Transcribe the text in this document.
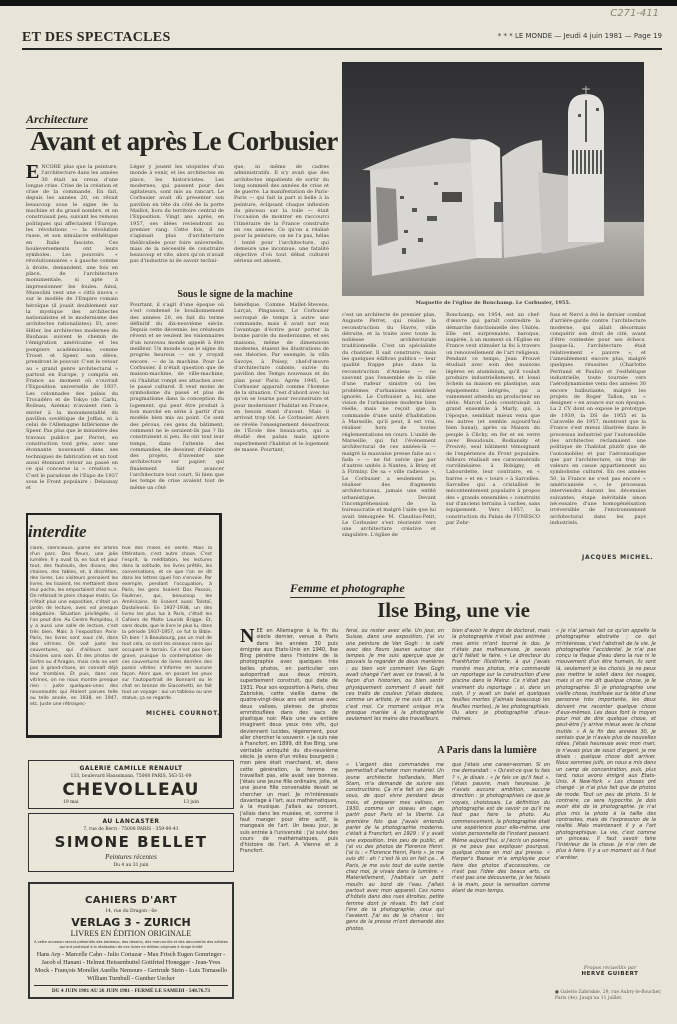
C271-411
ET DES SPECTACLES	* * * LE MONDE — Jeudi 4 juin 1981 — Page 19
Architecture
Avant et après Le Corbusier
ENCORE plus que la peinture, l'architecture dans les années 30 était au creux d'une longue crise. Crise de la création et crise de la commande. En fait, depuis les années 20, on rêvait beaucoup sous le signe de la machine et du grand nombre, et on construisait peu, suivant les remous politiques qui affectaient l'Europe, les révolutions — la révolution russe, et son simulacre esthétique en Italie fasciste. Ces bouleversements ont leurs symboles. Les pouvoirs « révolutionnaires » à gauche comme à droite, demandent, une fois en place, de l'architecture monumentale, si apte à impressionner les foules. Ainsi, Mussolini veut une « città nuova » sur le modèle de l'Empire romain héroïque (il jouait doublement sur la mystique des architectes nationalistes et le modernisme des architectes rationalistes). Et, avec Hitler, les architectes modernes du Bauhaus suivent le chemin de l'émigration américaine et les pompiers académiciens, comme Troost et Speer, son élève, prendront le pouvoir. C'est le retour au « grand genre architectural » partout en Europe, y compris en France au moment où s'ouvrait l'Exposition universelle de 1937. Les colonnades des palais du Trocadéro et de Tokyo (de Carlu, Boileau, Azéma) n'avaient rien à envier à la monumentalité du pavillon soviétique de Joffan, ni à celui de l'Allemagne hitlérienne de Speer. Pas plus que le ministère des travaux publics par Perret, en construction tout près, avec une étonnante nouveauté dans ses techniques de fabrication et un tout aussi étonnant retour au passé en ce qui concerne la « création ». C'est le paradoxe de l'Expo de 1937 sous le Front populaire : Delaunay et
Léger y jouent les utopistes d'un monde à venir, et les architectes en place, les historicistes. Les modernes, qui passent pour des agitateurs, sont mis au rancart. Le Corbusier avait dû présenter son pavillon en tête du côté de la porte Maillot, hors du territoire central de l'Exposition. Vingt ans après, en 1957, ses idées reviendront au premier rang. Cette fois, il ne s'agissait plus d'architecture théâtralisée pour foire universelle, mais de la nécessité de construire beaucoup et vite, alors qu'on n'avait pas d'industrie ni de savoir techni-
que, ni même de cadres administratifs. Il n'y avait que des architectes impatients de sortir du long sommeil des années de crise et de guerre. La manifestation de Paris-Paris — qui fait la part si belle à la peinture, éclipsant chaque inflexion du pinceau sur la toile — était l'occasion de montrer en raccourci l'itinéraire de la France construite en ces années. Ce qu'on a réalisé pour la peinture, on ne l'a pas, hélas ! tenté pour l'architecture, qui demeure une inconnue, une fatalité objective d'où tout débat culturel sérieux est absent.
Sous le signe de la machine
Pourtant, il s'agit d'une époque où s'est condensé le bouillonnement des années 20, en fait du terme définitif du dix-neuvième siècle. Depuis cette décennie, les créateurs rêvent et se veulent les visionnaires d'un nouveau monde appelé à être meilleur. Un monde sous le signe du progrès heureux — on y croyait encore. — de la machine. Pour Le Corbusier, il n'était question que de maison-machine, de ville-machine, où l'habitat rompt ses attaches avec le passé culturel. Il veut moins de symbolisme du passé et plus de pragmatisme dans la conception du logement, qui peut être produit à bon marché en série à partir d'un modèle bien mis au point. Ce sont des pérous, ces gens du bâtiment, comment ne le seraient-ils pas ? Ils construisent si peu. Ils ont tout leur temps, dans l'attente des commandes, de dessiner, d'élaborer des projets, d'inventer une architecture sur papier, qui finalement fait avancer l'architecture tout court. Si bien que les temps de crise avaient tout de même un côté
bénéfique. Comme Mallet-Stevens, Lurçat, Pingusson, Le Corbusier escroqué de temps à autre une commande, mais il avait sur eux l'avantage d'écrire pour porter la bonne parole du modernisme, et ses maisons, même de dimensions modestes, étaient les illustrations de ses théories. Par exemple, la villa Savoye, à Poissy, chef-d'œuvre d'architecture cubiste, suivie du pavillon des Temps nouveaux et du plan pour Paris. Après 1945, Le Corbusier apparaît comme l'homme de la situation. C'est d'abord avec lui qu'on se tourne pour reconstruire et pour moderniser l'habitat en France, en besoin étant d'avant. Mais il arrivait trop tôt. Le Corbusier. Alors se révèle l'enseignement désastreux de l'École des beaux-arts, qui a étudié des palais mais ignore superbement l'habitat et le logement de masse. Pourtant,
Maquette de l'église de Ronchamp. Le Corbusier, 1955.
c'est un architecte de premier plan, Auguste Perret, qui réalise la reconstruction du Havre, ville détruite, et la traite avec toute la noblesse architecturale traditionnelle. C'est un spécialiste du chantier. Il sait construire, mais les quelques édifices publics — leur qualité frappe plus dans la reconstruction d'Amiens — ne sauvent pas l'ensemble de la ville d'une rudeur sinistre où les problèmes d'urbanisme semblent ignorés. Le Corbusier a, lui, une vision de l'urbanisme moderne bien réelle, mais ne reçoit que la commande d'une unité d'habitation à Marseille, qu'il peut, il est vrai, réaliser hors de toutes réglementations en cours. L'unité de Marseille, qui fut l'événement architectural de ces années-là — malgré la mauvaise presse faite au « fada » — ne fut suivie que par d'autres unités à Nantes, à Briey et à Firminy. De sa « ville radieuse », Le Corbusier a seulement pu réaliser des fragments architecturaux, jamais une entité urbanistique. Devant l'incompréhension de la bureaucratie et malgré l'aide que lui avait témoignée M. Claudius-Petit, Le Corbusier s'est réorienté vers une architecture créative et singulière. L'église de
Ronchamp, en 1954, est un chef-d'œuvre qui paraît contredire la démarche fonctionnelle des Unités. Elle est surprenante, baroque, inspirée, à un moment où l'Église en France veut stimuler la foi à travers un renouvellement de l'art religieux. Pendant ce temps, Jean Prouvé étudiait avec soin des maisons légères en aluminium, qu'il voulait produire industriellement, et Ionel Schein sa maison en plastique, aux équipements intégrés, qui a vainement attendu un producteur en série. Marcel Lods construisait un grand ensemble à Marly, qui, à l'époque, semblait mieux venu que les autres (et semble aujourd'hui bien banal), après sa Maison du peuple à Clichy, en fer et en verre (avec Beaudouin, Bodiansky et Prouvé), seul bâtiment témoignant de l'expérience du Front populaire. Ailleurs réalisait ses caravansérails curvilinéaires à Bobigny, et Labourdette, leur contraire, en « barres » et en « tours » à Sarcelles. Sarcelles qui a cristallisé le mécontentement populaire à propos des « grands ensembles » construits sur d'anciens terrains à vaches, sans équipement. Vers 1957, la construction du Palais de l'UNESCO par Zehr-
fuss et Nervi a été le dernier combat d'arrière-garde contre l'architecture moderne, qui allait désormais conquérir son droit de cité, avant d'être contestée pour ses échecs. Jusque-là, l'architecture était relativement « pauvre », et l'ameublement encore plus, malgré quelques réussites (Charlotte Perriand et Paulin) et l'esthétique industrielle, toute tournée vers l'aérodynamisme venu des années 30 encore balbutiante, malgré les projets de Roger Tallon, un « designer » en avance sur son époque. La 2 CV dont on expose le prototype de 1939, la DS de 1955 et la Caravelle de 1957, montrent que la France s'est mieux illustrée dans le processus industriel par l'automobile (les architectes réclamaient une politique de l'habitat plutôt que de l'automobile) et par l'aéronautique que par l'architecture, où trop de valeurs en cause appartiennent au symbolisme culturel. En ces années 50, la France ne s'est pas encore « américanisée », le processus interviendra durant les décennies suivantes, étape inévitable sinon nécessaire d'une homogénéisation irréversible de l'environnement architectural dans les pays industriels.
JACQUES MICHEL.
interdite
claire, silencieuse, pareil les arbres d'un parc. Des fleurs, une jolie lumière. Il y avait là, en tout et pour tout, des fauteuils, des divans, des chaises, des tables, et, à discrétion, des livres. Les visiteurs prenaient les livres, les lisaient, les mettaient dans leur poche, les emportaient chez eux. On refaisait le plein chaque matin. Ce n'était plus une exposition, c'était un jardin de lecture, avec vol presque obligatoire. Situation privilégiée, si l'on peut dire. Au Centre Pompidou, il y a aussi une salle de lecture, c'est très bien. Mais à l'exposition Paris-Paris, les livres sont sous clé, dans des vitrines. On voit juste les couvertures, qui d'ailleurs sont choisies sans soin. Et des photos de Sartre ou d'Aragon, mais cela ne sert pas à grand-chose, on connaît déjà leur trombine. Et puis, dans ces vitrines, on ne nous montre presque rien : juste quelques-unes des nouveautés qui étaient parues telle ou telle année, en 1938, en 1947, etc. Juste une rétrospec-
tive des mises en vente. Mais la littérature, c'est autre chose. C'est l'esprit, la méditation, les lectures dans la solitude, les livres prêtés, les conversations, et ce que l'on se dit dans les lettres (quel l'on s'envoie. Par exemple, pendant l'occupation, à Paris, les gens lisaient Dos Passos, Faulkner, qui, beaucoup les Américains. Ils lisaient aussi Tolstoï, Dostoïevski. En 1937-1938, un des livres les plus lus à Paris, c'était les Cahiers de Malte Laurids Brigge. Et, sans doute, que le livre le plus lu, dans la période 1937-1957, ce fut la Bible. Eh bien ! à Beaubourg, pas un mot de tout cela, ce sont les oiseaux rares qui occupent le terrain. Ce n'est pas bien grave, puisque la contemplation de ces couvertures de livres derrière des parois vitrées n'informe en aucune façon. Alors que, en posant les yeux sur l'autoportrait de Bonnard ou le chat en bronze de Giacometti, on fait tout un voyage : oui un tableau ou une statue, ça se regarde.
MICHEL COURNOT.
GALERIE CAMILLE RENAULT
133, boulevard Haussmann, 75008 PARIS, 563-51-09
CHEVOLLEAU
19 mai	13 juin
AU LANCASTER
7, rue de Berri - 75008 PARIS - 359-90-41
SIMONE BELLET
Peintures récentes
Du 4 au 31 juin
CAHIERS D'ART
14, rue du Dragon - 6e
VERLAG 3 - ZURICH
LIVRES EN ÉDITION ORIGINALE
A cette occasion seront présentés des tableaux, des dessins, des manuscrits et des documents des artistes qui ont participé à la réalisation de ces livres en édition originale à tirage limité
Hans Arp - Marcelle Cahn - Julio Cortazar - Max Frisch Eugen Gomringer - Jacob el Hanani - Helmut Heissenbuttel Gottfried Honegger - Jean-Yves Mock - François Morellet Aurélie Nemours - Gertrude Stein - Luis Tomasello William Turnbull - Gunther Uecker
DU 4 JUIN 1981 AU 26 JUIN 1981 - FERMÉ LE SAMEDI - 548.76.73
Femme et photographe
Ilse Bing, une vie
NÉE en Allemagne à la fin du siècle dernier, venue à Paris dans les années 30 puis émigrée aux Etats-Unis en 1940, Ilse Bing pénètre dans l'histoire de la photographie avec quelques très belles photos, en particulier son autoportrait aux deux miroirs, superbement construit, qui date de 1931. Pour son exposition à Paris, chez Zabriskie, cette vieille dame de quatre-vingt-deux ans est venue avec deux valises, pleines de photos emmitouflées dans des sacs de plastique noir. Mais une vie entière imaginent deux yeux très vifs, qui deviennent lucides, légèrement, pour aller chercher le souvenir. « Je suis née à Francfort, en 1899, dit Ilse Bing, une véritable antiquité du dix-neuvième siècle. Je viens d'un milieu bourgeois ; mon père était marchand, et, dans cette génération, la femme ne travaillait pas, elle avait ses bonnes. J'étais une jeune fille ordinaire, jolie, et une jeune fille convenable devait se chercher un mari. Je m'intéressais davantage à l'art, aux mathématiques, à la musique. J'allais au concert, j'allais dans les musées, et, comme il faut manger pour être actif, la mangeais de l'art. Un beau jour, je suis entrée à l'université : j'ai suivi des cours de mathématiques, puis d'histoire de l'art. A Vienne et à Francfort.
ferai, ou rester avec elle. Un jour, en Suisse, dans une exposition, j'ai vu une peinture de Van Gogh : le café avec des fleurs jaunes autour des lampes. Je me suis aperçue que je pouvais la regarder de deux manières : ou bien voir comment Van Gogh avait changé l'art avec ce travail, à la façon d'un historien, ou bien sentir physiquement comment il avait fait ces traits de couleur. J'étais dedans, comme un artiste, je me suis dit : ça, c'est moi. Ce moment unique m'a presque mariée à la photographie seulement les mains des travailleurs.
bien d'avoir le degré de doctorat, mais la photographie n'était pas estimée ; mes amis m'ont tourné le dos. Je n'étais pas malheureuse, je savais qu'il fallait le faire. « Le directeur du Frankfurter Illustrierte, à qui j'avais montré mes photos, m'a commandé un reportage sur la construction d'une piscine dans le Mainz. Ce n'était pas vraiment du reportage : si, dans un coin, il y avait un balai et quelques feuilles mortes (j'aimais beaucoup les feuilles mortes), je les photographiais. Ou alors je photographie d'eux-mêmes.
« Je n'ai jamais fait ce qu'on appelle la photographie abstraite ; ce qui m'intéresse, c'est l'abstrait de la vie. Je photographie l'accidentel. Je n'ai pas conçu la flaque d'eau dans la rue ni le mouvement d'un être humain, ils sont là, seulement je les choisis. Je ne peux pas mettre le soleil dans les nuages, mais si on me dit quelque chose, je le photographie. Si je photographie une vieille chose, inutilisée sur la tête d'une personne très importante, les deux doivent me raconter quelque chose d'eux-mêmes. Les deux font le moyen pour moi de dire quelque chose, et peut-être j'y arrive mieux avec la chose inutile. « A la fin des années 30, je sentais que je n'avais plus de nouvelles idées. J'étais heureuse avec mon mari, je n'avais plus de souci d'argent, je me disais : quelque chose doit arriver. Nous sommes juifs, on nous a mis dans un camp de concentration, puis, plus tard, nous avons émigré aux Etats-Unis. A New-York. « Les choses ont changé : je n'ai plus fait que de photos de mode. Tout un peu de photo. Si le contraire, ce sera hypocrite. Je dois avoir été de la photographie. Je n'ai plus mis la photo à la taille des contrastes, mais de l'expression de la réalité. Mais maintenant il y a l'art photographique. La vie, c'est comme un pinceau. Il faut savoir faire l'intérieur de la chose. Je n'ai rien de plus à faire. Il y a un moment où il faut s'arrêter.
A Paris dans la lumière
« L'argent des commandes me permettait d'acheter mon matériel. Un jeune architecte hollandais, Mart Stam, m'a demandé de suivre ses constructions. Ça m'a fait un peu de sous, de quoi vivre pendant deux mois, et préparer mes valises, en 1930, comme un oiseau en cage, partir pour Paris et la liberté. La première fois que j'avais entendu parler de la photographie moderne, c'était à Francfort, en 1929 : il y avait une exposition, très peu de public, et j'ai vu des photos de Florence Henri. J'ai lu : « Florence Henri, Paris ». Je me suis dit : ah ! c'est là où on fait ça... A Paris, je me suis tout de suite sentie chez moi, je vivais dans la lumière. « Matériellement, j'habitais un petit moulin au bord de l'eau. J'allais partout avec mon appareil. Ces noms d'hôtels dans des rues étroites, petite femme dont je rêvais. En fait c'est l'ère de la photographie, ceux qui l'avaient. J'ai eu de la chance : les gens de la presse m'ont demandé des photos.
que j'étais une career-woman. Si on me demandait : « Qu'est-ce que tu fais ? », je disais : « Je fais ce qu'il faut ». J'étais pauvre, mais heureuse. Je n'avais aucune ambition, aucune direction : je photographiais ce que je voyais, choisissais. La définition du photographe est de savoir ce qu'il ne faut pas faire la photo. Au commencement, la photographie était une expérience pour elle-même, une vision personnelle de l'instant passant. Même aujourd'hui, si j'écris un poème, je ne peux pas expliquer pourquoi, quelque chose en moi qui presse. « Harper's Bazaar m'a employée pour faire des photos d'accessoires, ce n'est pas l'idée des beaux arts, ce n'est pas une découverte, je les faisais à la main, pour la sensation comme étant de mon temps.
Propos recueillis par
HERVÉ GUIBERT
● Galerie Zabriskie, 29, rue Aubry-le-Boucher, Paris (4e). Jusqu'au 11 juillet.
